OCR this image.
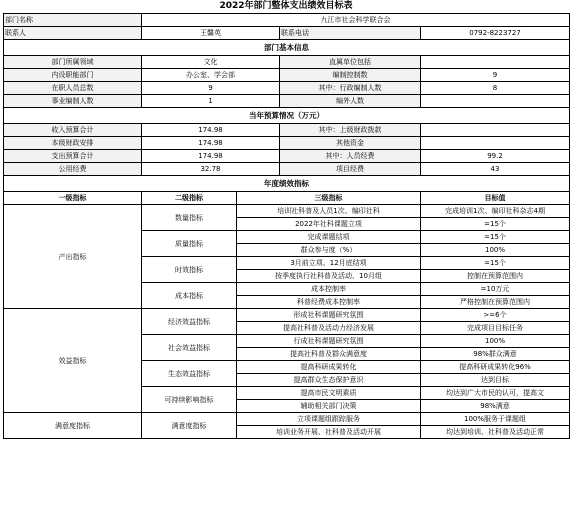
2022年部门整体支出绩效目标表
部门名称	九江市社会科学联合会			
联系人	王馨英		联系电话	0792-8223727
部门基本信息				
部门所属领域	文化		直属单位包括	
内设职能部门	办公室、学会部		编制控制数	9
在职人员总数	9		其中：行政编制人数	8
事业编制人数	1		编外人数	
当年预算情况（万元）				
收入预算合计	174.98		其中：上级财政拨款	
本级财政安排	174.98		其他资金	
支出预算合计	174.98		其中：人员经费	99.2
公用经费	32.78		项目经费	43
年度绩效指标				
一级指标	二级指标	三级指标		目标值
产出指标	数量指标	培训社科普及人员1次、编印社科		完成培训1次、编印社科杂志4期
		2022年社科课题立项		=15个
	质量指标	完成课题结项		=15个
		群众参与度（%）		100%
	时效指标	3月前立项、12月底结项		=15个
		按季度执行社科普及活动、10月组		控制在预算范围内
	成本指标	成本控制率		=10万元
		科普经费成本控制率		严格控制在预算范围内
效益指标	经济效益指标	形成社科课题研究氛围		>=6个
		提高社科普及活动力经济发展		完成项目目标任务
	社会效益指标	行成社科课题研究氛围		100%
		提高社科普及群众满意度		98%群众满意
	生态效益指标	提高科研成果转化		提高科研成果转化96%
		提高群众生态保护意识		达到目标
	可持续影响指标	提高市民文明素质		均达到广大市民的认可，提高文
		辅助相关部门决策		98%满意
满意度指标	满意度指标	立项课题组跟踪服务		100%服务于课题组
		培训业务开展、社科普及活动开展		均达到培训、社科普及活动正常
